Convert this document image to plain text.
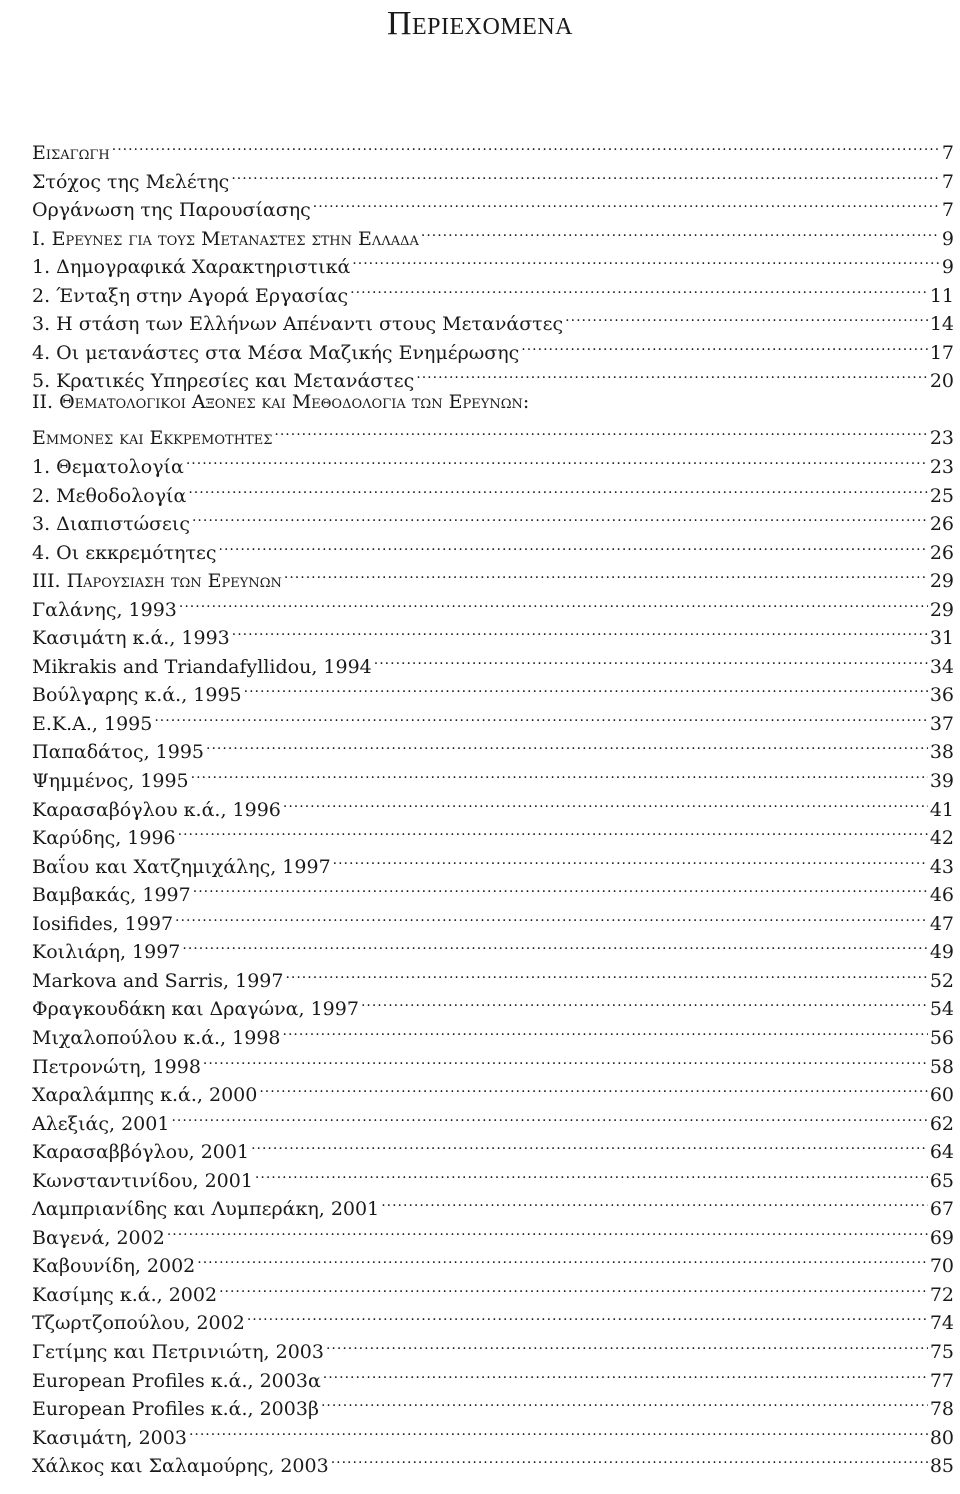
Περιεχομενα
Εισαγωγη .....	7
Στόχος της Μελέτης .....	7
Οργάνωση της Παρουσίασης .....	7
Ι. Ερευνες για τους Μεταναστες στην Ελλαδα .....	9
1. Δημογραφικά Χαρακτηριστικά .....	9
2. Ένταξη στην Αγορά Εργασίας .....	11
3. Η στάση των Ελλήνων Απέναντι στους Μετανάστες .....	14
4. Οι μετανάστες στα Μέσα Μαζικής Ενημέρωσης .....	17
5. Κρατικές Υπηρεσίες και Μετανάστες .....	20
ΙΙ. Θεματολογικοι Αξονες και Μεθοδολογια των Ερευνων:
Εμμονες και Εκκρεμοτητες .....	23
1. Θεματολογία .....	23
2. Μεθοδολογία .....	25
3. Διαπιστώσεις .....	26
4. Οι εκκρεμότητες .....	26
ΙΙΙ. Παρουσιαση των Ερευνων .....	29
Γαλάνης, 1993 .....	29
Κασιμάτη κ.ά., 1993 .....	31
Mikrakis and Triandafyllidou, 1994 .....	34
Βούλγαρης κ.ά., 1995 .....	36
Ε.Κ.Α., 1995 .....	37
Παπαδάτος, 1995 .....	38
Ψημμένος, 1995 .....	39
Καρασαβόγλου κ.ά., 1996 .....	41
Καρύδης, 1996 .....	42
Βαΐου και Χατζημιχάλης, 1997 .....	43
Βαμβακάς, 1997 .....	46
Iosifides, 1997 .....	47
Κοιλιάρη, 1997 .....	49
Markova and Sarris, 1997 .....	52
Φραγκουδάκη και Δραγώνα, 1997 .....	54
Μιχαλοπούλου κ.ά., 1998 .....	56
Πετρονώτη, 1998 .....	58
Χαραλάμπης κ.ά., 2000 .....	60
Αλεξιάς, 2001 .....	62
Καρασαββόγλου, 2001 .....	64
Κωνσταντινίδου, 2001 .....	65
Λαμπριανίδης και Λυμπεράκη, 2001 .....	67
Βαγενά, 2002 .....	69
Καβουνίδη, 2002 .....	70
Κασίμης κ.ά., 2002 .....	72
Τζωρτζοπούλου, 2002 .....	74
Γετίμης και Πετρινιώτη, 2003 .....	75
European Profiles κ.ά., 2003α .....	77
European Profiles κ.ά., 2003β .....	78
Κασιμάτη, 2003 .....	80
Χάλκος και Σαλαμούρης, 2003 .....	85
